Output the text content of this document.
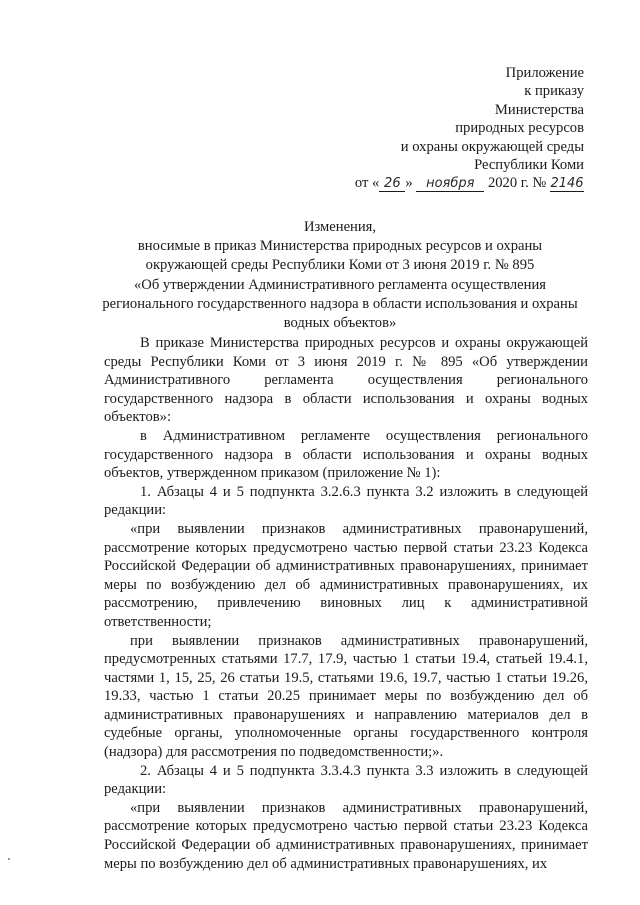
Приложение
к приказу
Министерства
природных ресурсов
и охраны окружающей среды
Республики Коми
от « 26 » ноября 2020 г. № 2146
Изменения,
вносимые в приказ Министерства природных ресурсов и охраны
окружающей среды Республики Коми от 3 июня 2019 г. № 895
«Об утверждении Административного регламента осуществления
регионального государственного надзора в области использования и охраны
водных объектов»

В приказе Министерства природных ресурсов и охраны окружающей среды Республики Коми от 3 июня 2019 г. № 895 «Об утверждении Административного регламента осуществления регионального государственного надзора в области использования и охраны водных объектов»:

в Административном регламенте осуществления регионального государственного надзора в области использования и охраны водных объектов, утвержденном приказом (приложение № 1):

1. Абзацы 4 и 5 подпункта 3.2.6.3 пункта 3.2 изложить в следующей редакции:

«при выявлении признаков административных правонарушений, рассмотрение которых предусмотрено частью первой статьи 23.23 Кодекса Российской Федерации об административных правонарушениях, принимает меры по возбуждению дел об административных правонарушениях, их рассмотрению, привлечению виновных лиц к административной ответственности;

при выявлении признаков административных правонарушений, предусмотренных статьями 17.7, 17.9, частью 1 статьи 19.4, статьей 19.4.1, частями 1, 15, 25, 26 статьи 19.5, статьями 19.6, 19.7, частью 1 статьи 19.26, 19.33, частью 1 статьи 20.25 принимает меры по возбуждению дел об административных правонарушениях и направлению материалов дел в судебные органы, уполномоченные органы государственного контроля (надзора) для рассмотрения по подведомственности;».

2. Абзацы 4 и 5 подпункта 3.3.4.3 пункта 3.3 изложить в следующей редакции:

«при выявлении признаков административных правонарушений, рассмотрение которых предусмотрено частью первой статьи 23.23 Кодекса Российской Федерации об административных правонарушениях, принимает меры по возбуждению дел об административных правонарушениях, их
